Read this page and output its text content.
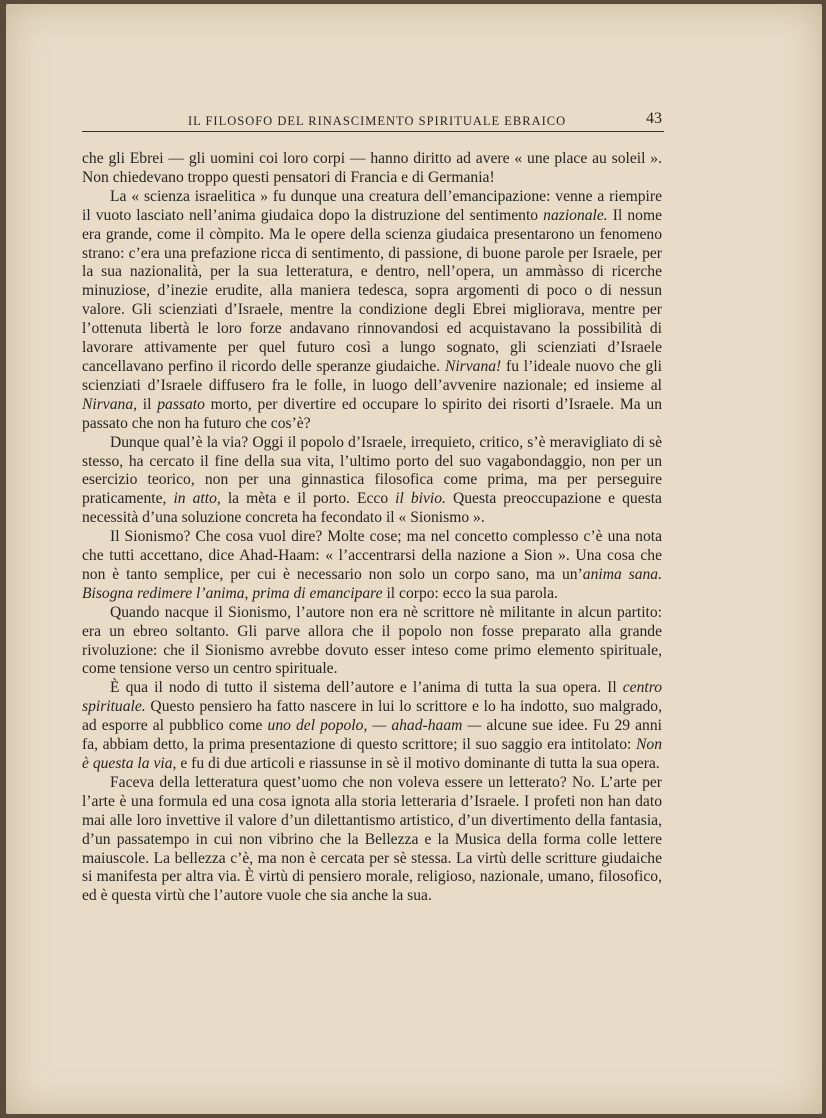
IL FILOSOFO DEL RINASCIMENTO SPIRITUALE EBRAICO	43

che gli Ebrei — gli uomini coi loro corpi — hanno diritto ad avere « une place au soleil ». Non chiedevano troppo questi pensatori di Francia e di Germania!

La « scienza israelitica » fu dunque una creatura dell’emancipazione: venne a riempire il vuoto lasciato nell’anima giudaica dopo la distruzione del sentimento nazionale. Il nome era grande, come il còmpito. Ma le opere della scienza giudaica presentarono un fenomeno strano: c’era una prefazione ricca di sentimento, di passione, di buone parole per Israele, per la sua nazionalità, per la sua letteratura, e dentro, nell’opera, un ammàsso di ricerche minuziose, d’inezie erudite, alla maniera tedesca, sopra argomenti di poco o di nessun valore. Gli scienziati d’Israele, mentre la condizione degli Ebrei migliorava, mentre per l’ottenuta libertà le loro forze andavano rinnovandosi ed acquistavano la possibilità di lavorare attivamente per quel futuro così a lungo sognato, gli scienziati d’Israele cancellavano perfino il ricordo delle speranze giudaiche. Nirvana! fu l’ideale nuovo che gli scienziati d’Israele diffusero fra le folle, in luogo dell’avvenire nazionale; ed insieme al Nirvana, il passato morto, per divertire ed occupare lo spirito dei risorti d’Israele. Ma un passato che non ha futuro che cos’è?

Dunque qual’è la via? Oggi il popolo d’Israele, irrequieto, critico, s’è meravigliato di sè stesso, ha cercato il fine della sua vita, l’ultimo porto del suo vagabondaggio, non per un esercizio teorico, non per una ginnastica filosofica come prima, ma per perseguire praticamente, in atto, la mèta e il porto. Ecco il bivio. Questa preoccupazione e questa necessità d’una soluzione concreta ha fecondato il « Sionismo ».

Il Sionismo? Che cosa vuol dire? Molte cose; ma nel concetto complesso c’è una nota che tutti accettano, dice Ahad-Haam: « l’accentrarsi della nazione a Sion ». Una cosa che non è tanto semplice, per cui è necessario non solo un corpo sano, ma un’anima sana. Bisogna redimere l’anima, prima di emancipare il corpo: ecco la sua parola.

Quando nacque il Sionismo, l’autore non era nè scrittore nè militante in alcun partito: era un ebreo soltanto. Gli parve allora che il popolo non fosse preparato alla grande rivoluzione: che il Sionismo avrebbe dovuto esser inteso come primo elemento spirituale, come tensione verso un centro spirituale.

È qua il nodo di tutto il sistema dell’autore e l’anima di tutta la sua opera. Il centro spirituale. Questo pensiero ha fatto nascere in lui lo scrittore e lo ha indotto, suo malgrado, ad esporre al pubblico come uno del popolo, — ahad-haam — alcune sue idee. Fu 29 anni fa, abbiam detto, la prima presentazione di questo scrittore; il suo saggio era intitolato: Non è questa la via, e fu di due articoli e riassunse in sè il motivo dominante di tutta la sua opera.

Faceva della letteratura quest’uomo che non voleva essere un letterato? No. L’arte per l’arte è una formula ed una cosa ignota alla storia letteraria d’Israele. I profeti non han dato mai alle loro invettive il valore d’un dilettantismo artistico, d’un divertimento della fantasia, d’un passatempo in cui non vibrino che la Bellezza e la Musica della forma colle lettere maiuscole. La bellezza c’è, ma non è cercata per sè stessa. La virtù delle scritture giudaiche si manifesta per altra via. È virtù di pensiero morale, religioso, nazionale, umano, filosofico, ed è questa virtù che l’autore vuole che sia anche la sua.
